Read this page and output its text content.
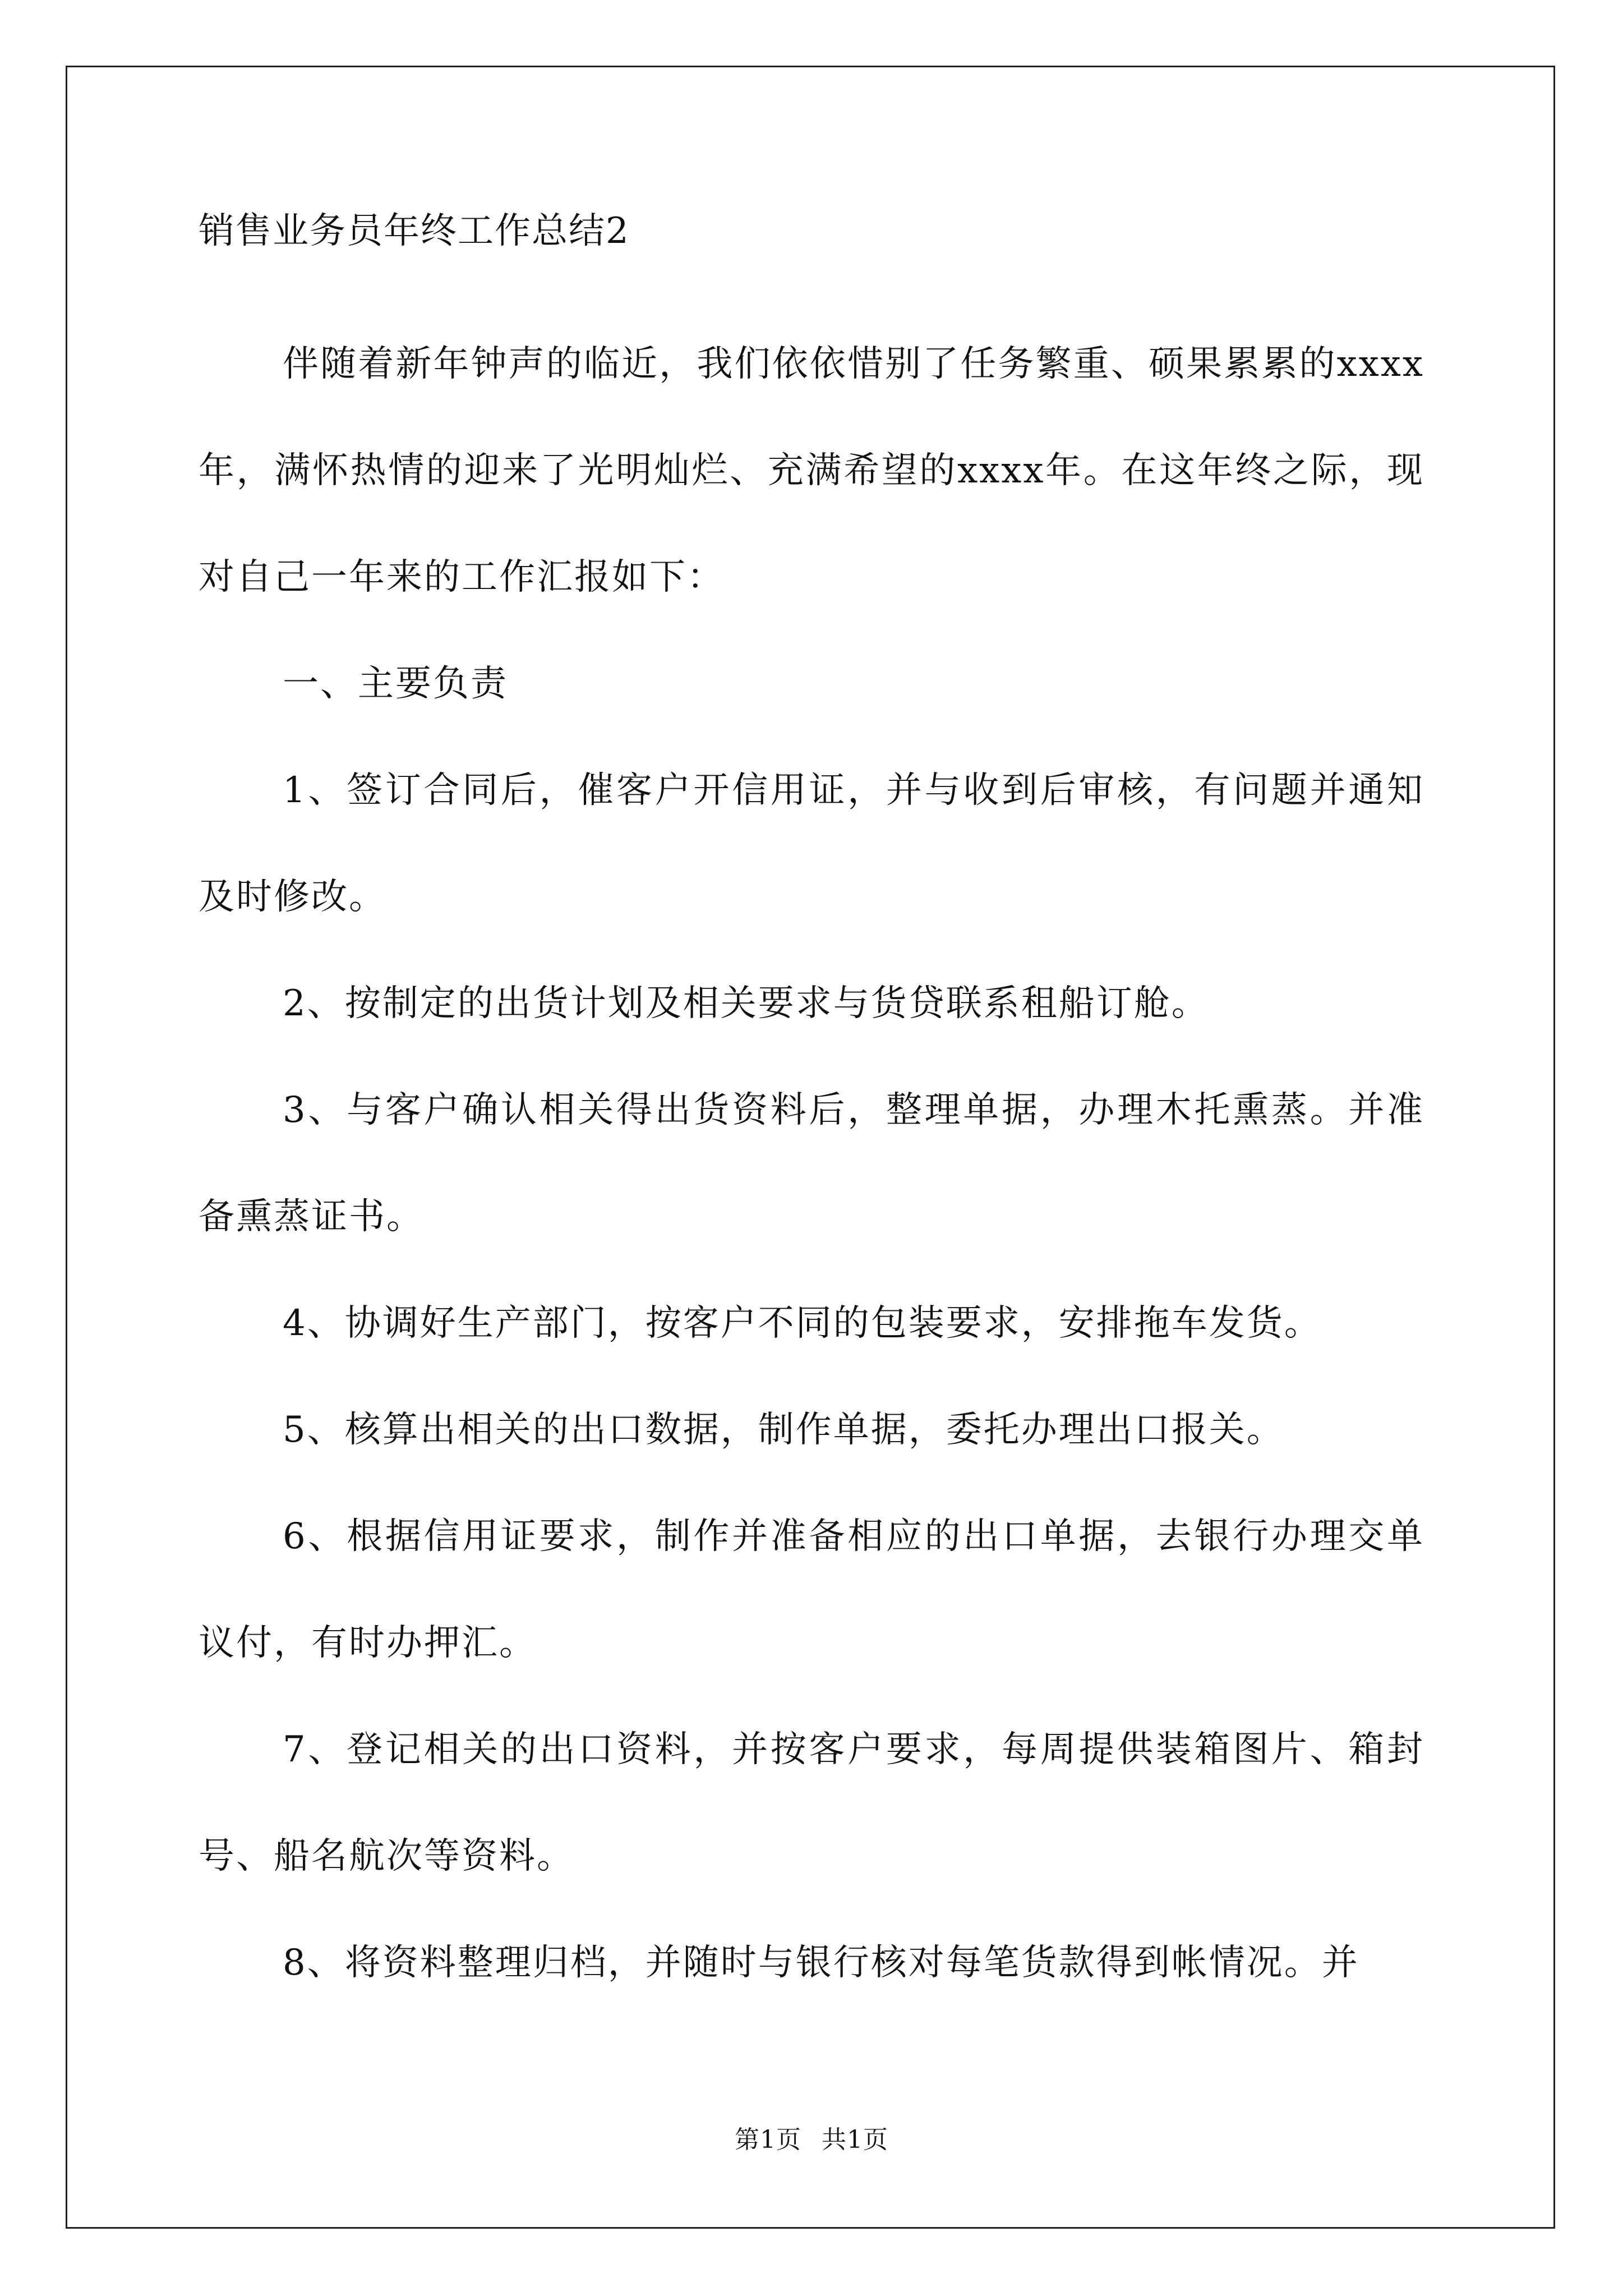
销售业务员年终工作总结2

伴随着新年钟声的临近，我们依依惜别了任务繁重、硕果累累的xxxx年，满怀热情的迎来了光明灿烂、充满希望的xxxx年。在这年终之际，现对自己一年来的工作汇报如下：

一、主要负责

1、签订合同后，催客户开信用证，并与收到后审核，有问题并通知及时修改。

2、按制定的出货计划及相关要求与货贷联系租船订舱。

3、与客户确认相关得出货资料后，整理单据，办理木托熏蒸。并准备熏蒸证书。

4、协调好生产部门，按客户不同的包装要求，安排拖车发货。

5、核算出相关的出口数据，制作单据，委托办理出口报关。

6、根据信用证要求，制作并准备相应的出口单据，去银行办理交单议付，有时办押汇。

7、登记相关的出口资料，并按客户要求，每周提供装箱图片、箱封号、船名航次等资料。

8、将资料整理归档，并随时与银行核对每笔货款得到帐情况。并

第1页 共1页
